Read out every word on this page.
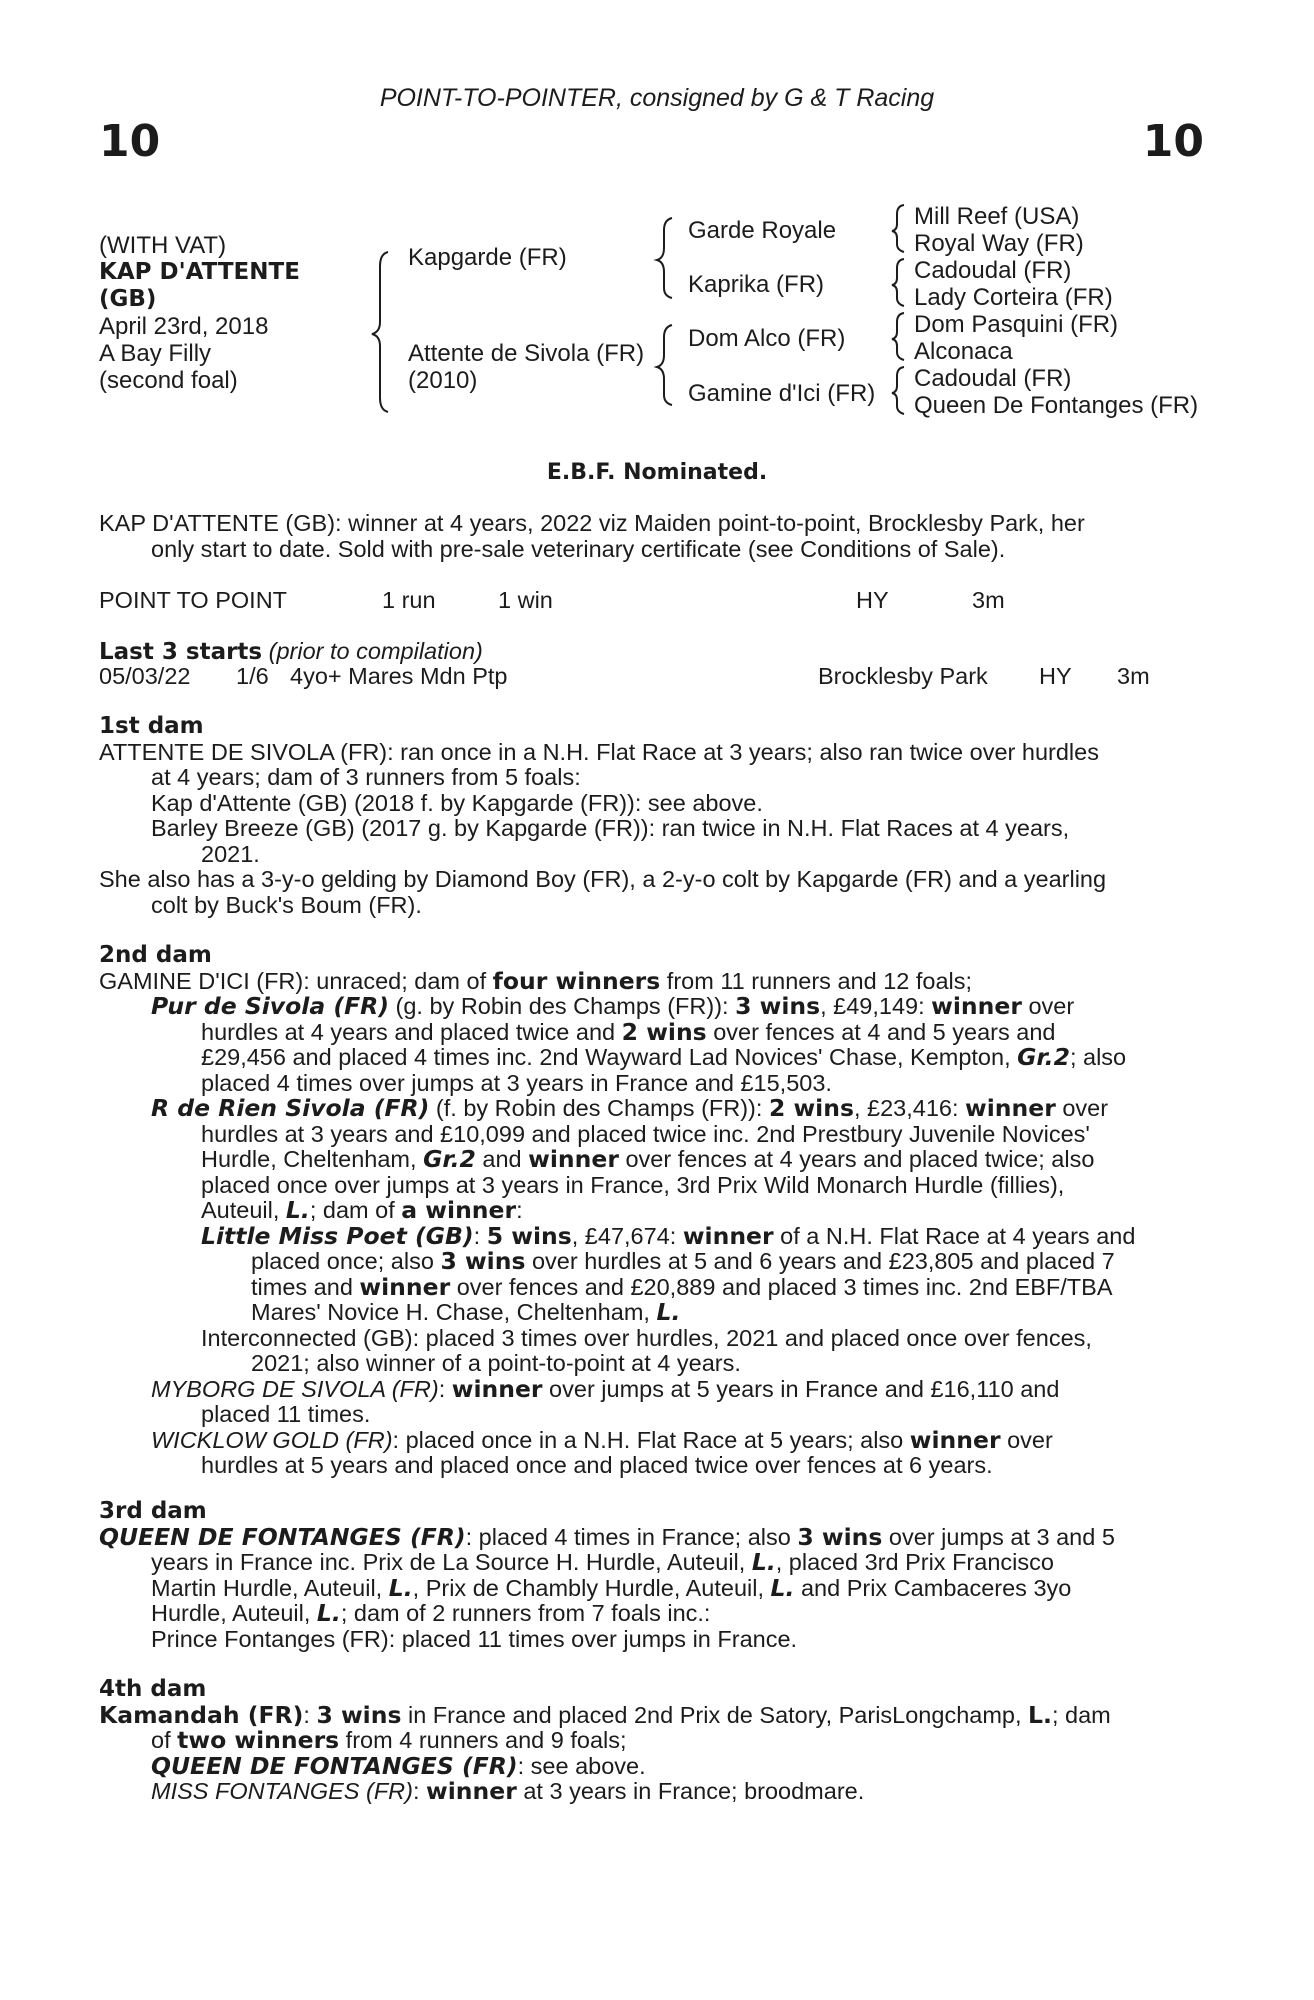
10	10
POINT-TO-POINTER, consigned by G & T Racing
(WITH VAT)
KAP D'ATTENTE
(GB)
April 23rd, 2018
A Bay Filly
(second foal)
Kapgarde (FR)
Attente de Sivola (FR)
(2010)
Garde Royale
Kaprika (FR)
Dom Alco (FR)
Gamine d'Ici (FR)
Mill Reef (USA)
Royal Way (FR)
Cadoudal (FR)
Lady Corteira (FR)
Dom Pasquini (FR)
Alconaca
Cadoudal (FR)
Queen De Fontanges (FR)
E.B.F. Nominated.

KAP D'ATTENTE (GB): winner at 4 years, 2022 viz Maiden point-to-point, Brocklesby Park, her

only start to date. Sold with pre-sale veterinary certificate (see Conditions of Sale).

POINT TO POINT	1 run	1 win	HY	3m
Last 3 starts (prior to compilation)
05/03/22 1/6 4yo+ Mares Mdn Ptp	Brocklesby Park HY 3m

1st dam

ATTENTE DE SIVOLA (FR): ran once in a N.H. Flat Race at 3 years; also ran twice over hurdles

at 4 years; dam of 3 runners from 5 foals:

Kap d'Attente (GB) (2018 f. by Kapgarde (FR)): see above.

Barley Breeze (GB) (2017 g. by Kapgarde (FR)): ran twice in N.H. Flat Races at 4 years,

2021.

She also has a 3-y-o gelding by Diamond Boy (FR), a 2-y-o colt by Kapgarde (FR) and a yearling

colt by Buck's Boum (FR).

2nd dam

GAMINE D'ICI (FR): unraced; dam of four winners from 11 runners and 12 foals;

Pur de Sivola (FR) (g. by Robin des Champs (FR)): 3 wins, £49,149: winner over

hurdles at 4 years and placed twice and 2 wins over fences at 4 and 5 years and

£29,456 and placed 4 times inc. 2nd Wayward Lad Novices' Chase, Kempton, Gr.2; also

placed 4 times over jumps at 3 years in France and £15,503.

R de Rien Sivola (FR) (f. by Robin des Champs (FR)): 2 wins, £23,416: winner over

hurdles at 3 years and £10,099 and placed twice inc. 2nd Prestbury Juvenile Novices'

Hurdle, Cheltenham, Gr.2 and winner over fences at 4 years and placed twice; also

placed once over jumps at 3 years in France, 3rd Prix Wild Monarch Hurdle (fillies),

Auteuil, L.; dam of a winner:

Little Miss Poet (GB): 5 wins, £47,674: winner of a N.H. Flat Race at 4 years and

placed once; also 3 wins over hurdles at 5 and 6 years and £23,805 and placed 7

times and winner over fences and £20,889 and placed 3 times inc. 2nd EBF/TBA

Mares' Novice H. Chase, Cheltenham, L.

Interconnected (GB): placed 3 times over hurdles, 2021 and placed once over fences,

2021; also winner of a point-to-point at 4 years.

MYBORG DE SIVOLA (FR): winner over jumps at 5 years in France and £16,110 and

placed 11 times.

WICKLOW GOLD (FR): placed once in a N.H. Flat Race at 5 years; also winner over

hurdles at 5 years and placed once and placed twice over fences at 6 years.

3rd dam

QUEEN DE FONTANGES (FR): placed 4 times in France; also 3 wins over jumps at 3 and 5

years in France inc. Prix de La Source H. Hurdle, Auteuil, L., placed 3rd Prix Francisco

Martin Hurdle, Auteuil, L., Prix de Chambly Hurdle, Auteuil, L. and Prix Cambaceres 3yo

Hurdle, Auteuil, L.; dam of 2 runners from 7 foals inc.:

Prince Fontanges (FR): placed 11 times over jumps in France.

4th dam

Kamandah (FR): 3 wins in France and placed 2nd Prix de Satory, ParisLongchamp, L.; dam

of two winners from 4 runners and 9 foals;

QUEEN DE FONTANGES (FR): see above.

MISS FONTANGES (FR): winner at 3 years in France; broodmare.
